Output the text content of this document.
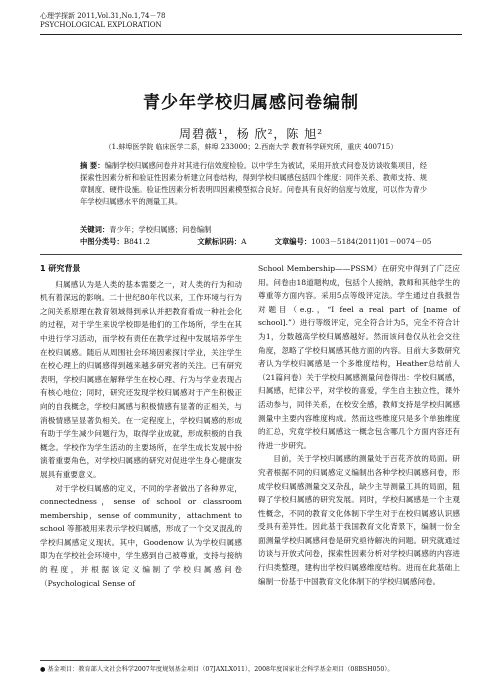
心理学探新 2011,Vol.31,No.1,74－78
PSYCHOLOGICAL EXPLORATION
青少年学校归属感问卷编制
周碧薇¹，杨 欣²，陈 旭²
（1.蚌埠医学院 临床医学二系，蚌埠 233000；2.西南大学 教育科学研究所，重庆 400715）
摘 要：编制学校归属感问卷并对其进行信效度检验。以中学生为被试，采用开放式问卷及访谈收集项目，经探索性因素分析和验证性因素分析建立问卷结构，得到学校归属感包括四个维度：同伴关系、教师支持、规章制度、硬件设施。验证性因素分析表明四因素模型拟合良好。问卷具有良好的信度与效度，可以作为青少年学校归属感水平的测量工具。
关键词：青少年；学校归属感；问卷编制
中图分类号：B841.2	文献标识码：A	文章编号：1003－5184(2011)01－0074－05
1 研究背景

归属感认为是人类的基本需要之一，对人类的行为和动机有着深远的影响。二十世纪80年代以来，工作环境与行为之间关系原理在教育领域得到承认并把教育看成一种社会化的过程，对于学生来说学校即是他们的工作场所，学生在其中进行学习活动，而学校有责任在教学过程中发展培养学生在校归属感。随后从周围社会环境因素探讨学业，关注学生在校心理上的归属感得到越来越多研究者的关注。已有研究表明，学校归属感在解释学生在校心理、行为与学业表现占有核心地位；同时，研究还发现学校归属感对于产生积极正向的自我概念，学校归属感与积极情感有显著的正相关，与消极情感呈显著负相关。在一定程度上，学校归属感的形成有助于学生减少问题行为，取得学业成就，形成积极的自我概念。学校作为学生活动的主要场所，在学生成长发展中扮演着重要角色，对学校归属感的研究对促进学生身心健康发展具有重要意义。

对于学校归属感的定义，不同的学者做出了各种界定，connectedness，sense of school or classroom membership，sense of community，attachment to school 等都被用来表示学校归属感，形成了一个交叉混乱的学校归属感定义现状。其中，Goodenow 认为学校归属感即为在学校社会环境中，学生感到自己被尊重，支持与接纳的程度，并根据该定义编制了学校归属感问卷（Psychological Sense of

School Membership——PSSM）在研究中得到了广泛应用。问卷由18道题构成，包括个人接纳，教师和其他学生的尊重等方面内容。采用5点等级评定法。学生通过自我报告对题目（e.g.，“I feel a real part of [name of school].”）进行等级评定，完全符合计为5，完全不符合计为1，分数越高学校归属感越好。然而该问卷仅从社会交往角度，忽略了学校归属感其他方面的内容。目前大多数研究者认为学校归属感是一个多维度结构，Heather总结前人（21篇问卷）关于学校归属感测量问卷得出：学校归属感，归属感，纪律公平，对学校的喜爱，学生自主独立性，课外活动参与，同伴关系，在校安全感，教师支持是学校归属感测量中主要内容维度构成。然而这些维度只是多个单独维度的汇总，究竟学校归属感这一概念包含哪几个方面内容还有待进一步研究。

目前，关于学校归属感的测量处于百花齐放的局面。研究者根据不同的归属感定义编制出各种学校归属感问卷，形成学校归属感测量交叉杂乱，缺少主导测量工具的局面，阻碍了学校归属感的研究发展。同时，学校归属感是一个主观性概念，不同的教育文化体制下学生对于在校归属感认识感受具有差异性。因此基于我国教育文化背景下，编制一份全面测量学校归属感问卷是研究亟待解决的问题。研究就通过访谈与开放式问卷，探索性因素分析对学校归属感的内容进行归类整理，建构出学校归属感维度结构。进而在此基础上编制一份基于中国教育文化体制下的学校归属感问卷。

● 基金项目：教育部人文社会科学2007年度规划基金项目（07JAXLX011），2008年度国家社会科学基金项目（08BSH050）。
